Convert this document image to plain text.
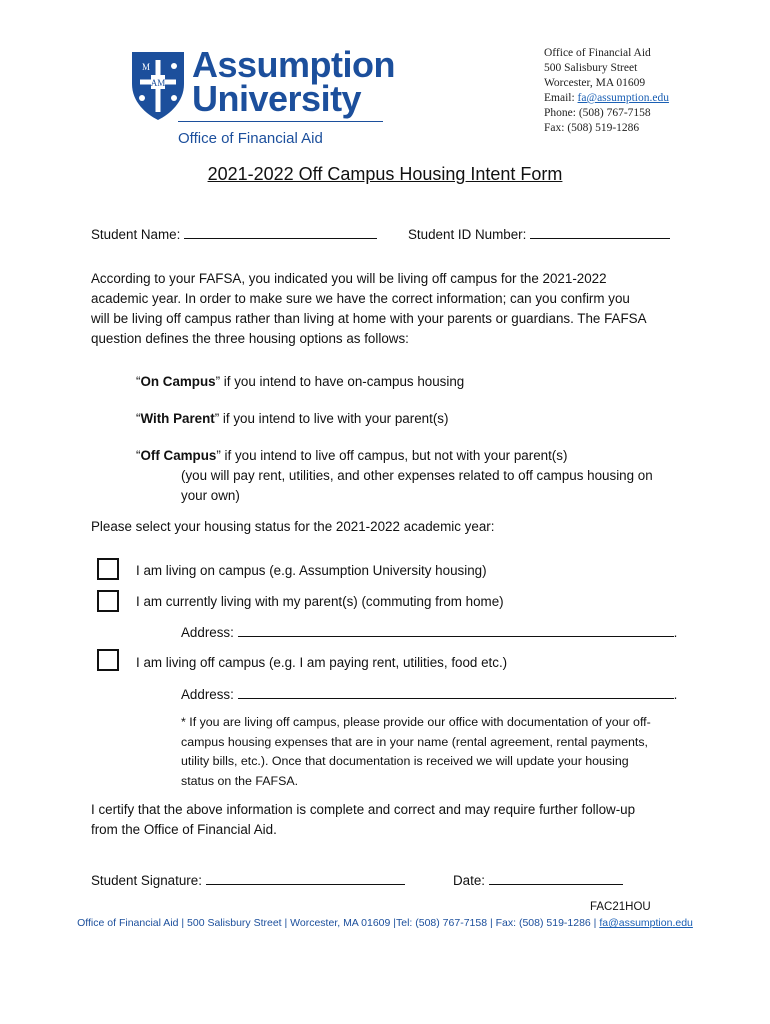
AM
M Assumption
University
Office of Financial Aid
Office of Financial Aid
500 Salisbury Street
Worcester, MA 01609
Email: fa@assumption.edu
Phone: (508) 767-7158
Fax: (508) 519-1286
2021-2022 Off Campus Housing Intent Form
Student Name:	Student ID Number:
According to your FAFSA, you indicated you will be living off campus for the 2021-2022
academic year. In order to make sure we have the correct information; can you confirm you
will be living off campus rather than living at home with your parents or guardians. The FAFSA
question defines the three housing options as follows:
“On Campus” if you intend to have on-campus housing
“With Parent” if you intend to live with your parent(s)
“Off Campus” if you intend to live off campus, but not with your parent(s)
(you will pay rent, utilities, and other expenses related to off campus housing on
your own)
Please select your housing status for the 2021-2022 academic year:
I am living on campus (e.g. Assumption University housing)
I am currently living with my parent(s) (commuting from home)
Address:	.
I am living off campus (e.g. I am paying rent, utilities, food etc.)
Address:	.
* If you are living off campus, please provide our office with documentation of your off-
campus housing expenses that are in your name (rental agreement, rental payments,
utility bills, etc.). Once that documentation is received we will update your housing
status on the FAFSA.
I certify that the above information is complete and correct and may require further follow-up
from the Office of Financial Aid.
Student Signature:	Date:
FAC21HOU
Office of Financial Aid | 500 Salisbury Street | Worcester, MA 01609 |Tel: (508) 767-7158 | Fax: (508) 519-1286 | fa@assumption.edu
